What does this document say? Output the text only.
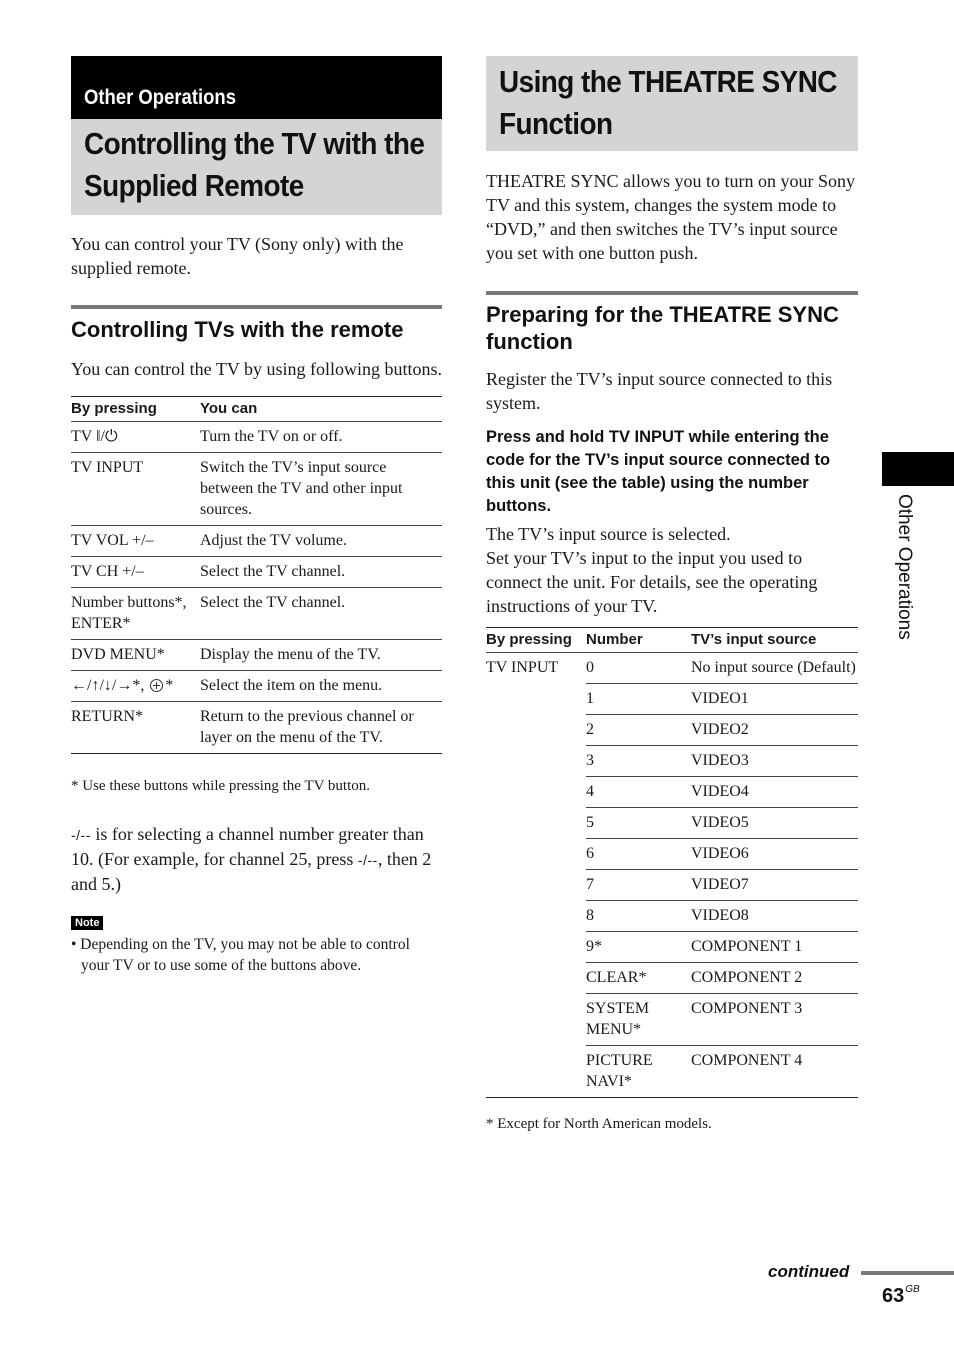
Other Operations
Controlling the TV with the
Supplied Remote

You can control your TV (Sony only) with the supplied remote.

Controlling TVs with the remote

You can control the TV by using following buttons.

By pressing	You can
TV ‖/⏻	Turn the TV on or off.
TV INPUT	Switch the TV’s input source between the TV and other input sources.
TV VOL +/–	Adjust the TV volume.
TV CH +/–	Select the TV channel.
Number buttons*, ENTER*	Select the TV channel.
DVD MENU*	Display the menu of the TV.
←/↑/↓/→*, *	Select the item on the menu.
RETURN*	Return to the previous channel or layer on the menu of the TV.

* Use these buttons while pressing the TV button.

-/-- is for selecting a channel number greater than 10. (For example, for channel 25, press -/--, then 2 and 5.)

Note

• Depending on the TV, you may not be able to control your TV or to use some of the buttons above.

Using the THEATRE SYNC
Function

THEATRE SYNC allows you to turn on your Sony TV and this system, changes the system mode to “DVD,” and then switches the TV’s input source you set with one button push.

Preparing for the THEATRE SYNC function

Register the TV’s input source connected to this system.

Press and hold TV INPUT while entering the code for the TV’s input source connected to this unit (see the table) using the number buttons.

The TV’s input source is selected.

Set your TV’s input to the input you used to connect the unit. For details, see the operating instructions of your TV.

By pressing	Number	TV’s input source
TV INPUT	0	No input source (Default)
	1	VIDEO1
	2	VIDEO2
	3	VIDEO3
	4	VIDEO4
	5	VIDEO5
	6	VIDEO6
	7	VIDEO7
	8	VIDEO8
	9*	COMPONENT 1
	CLEAR*	COMPONENT 2
	SYSTEM MENU*	COMPONENT 3
	PICTURE NAVI*	COMPONENT 4

* Except for North American models.

Other Operations
continued
$63^{GB}$
